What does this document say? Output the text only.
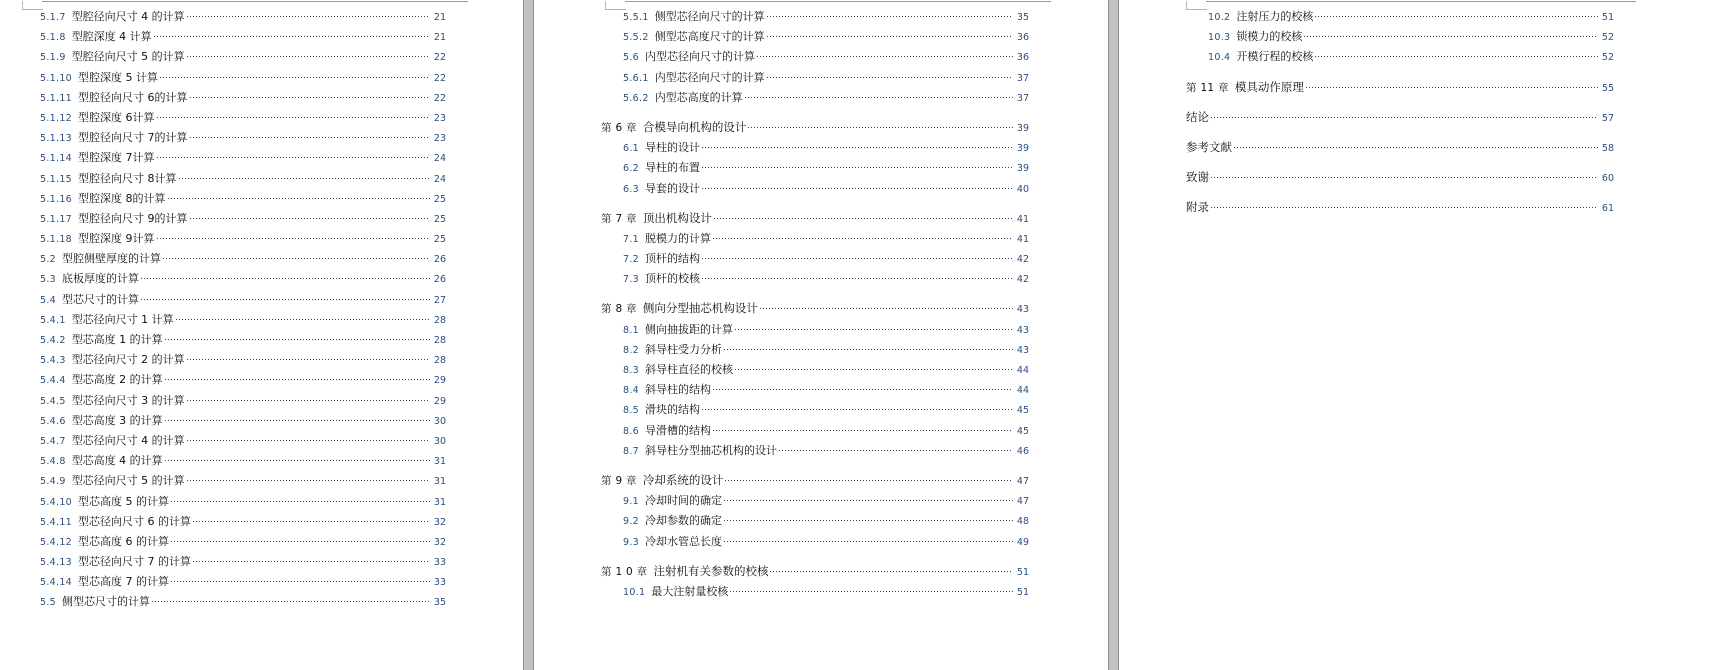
5.1.7 型腔径向尺寸 4 的计算	21
5.1.8 型腔深度 4 计算	21
5.1.9 型腔径向尺寸 5 的计算	22
5.1.10 型腔深度 5 计算	22
5.1.11 型腔径向尺寸 6的计算	22
5.1.12 型腔深度 6计算	23
5.1.13 型腔径向尺寸 7的计算	23
5.1.14 型腔深度 7计算	24
5.1.15 型腔径向尺寸 8计算	24
5.1.16 型腔深度 8的计算	25
5.1.17 型腔径向尺寸 9的计算	25
5.1.18 型腔深度 9计算	25
5.2 型腔侧壁厚度的计算	26
5.3 底板厚度的计算	26
5.4 型芯尺寸的计算	27
5.4.1 型芯径向尺寸 1 计算	28
5.4.2 型芯高度 1 的计算	28
5.4.3 型芯径向尺寸 2 的计算	28
5.4.4 型芯高度 2 的计算	29
5.4.5 型芯径向尺寸 3 的计算	29
5.4.6 型芯高度 3 的计算	30
5.4.7 型芯径向尺寸 4 的计算	30
5.4.8 型芯高度 4 的计算	31
5.4.9 型芯径向尺寸 5 的计算	31
5.4.10 型芯高度 5 的计算	31
5.4.11 型芯径向尺寸 6 的计算	32
5.4.12 型芯高度 6 的计算	32
5.4.13 型芯径向尺寸 7 的计算	33
5.4.14 型芯高度 7 的计算	33
5.5 侧型芯尺寸的计算	35
5.5.1 侧型芯径向尺寸的计算	35
5.5.2 侧型芯高度尺寸的计算	36
5.6 内型芯径向尺寸的计算	36
5.6.1 内型芯径向尺寸的计算	37
5.6.2 内型芯高度的计算	37
第 6 章 合模导向机构的设计	39
6.1 导柱的设计	39
6.2 导柱的布置	39
6.3 导套的设计	40
第 7 章 顶出机构设计	41
7.1 脱模力的计算	41
7.2 顶杆的结构	42
7.3 顶杆的校核	42
第 8 章 侧向分型抽芯机构设计	43
8.1 侧向抽拔距的计算	43
8.2 斜导柱受力分析	43
8.3 斜导柱直径的校核	44
8.4 斜导柱的结构	44
8.5 滑块的结构	45
8.6 导滑槽的结构	45
8.7 斜导柱分型抽芯机构的设计	46
第 9 章 冷却系统的设计	47
9.1 冷却时间的确定	47
9.2 冷却参数的确定	48
9.3 冷却水管总长度	49
第 1 0 章 注射机有关参数的校核	51
10.1 最大注射量校核	51
10.2 注射压力的校核	51
10.3 锁模力的校核	52
10.4 开模行程的校核	52
第 11 章 模具动作原理	55
结论	57
参考文献	58
致谢	60
附录	61
